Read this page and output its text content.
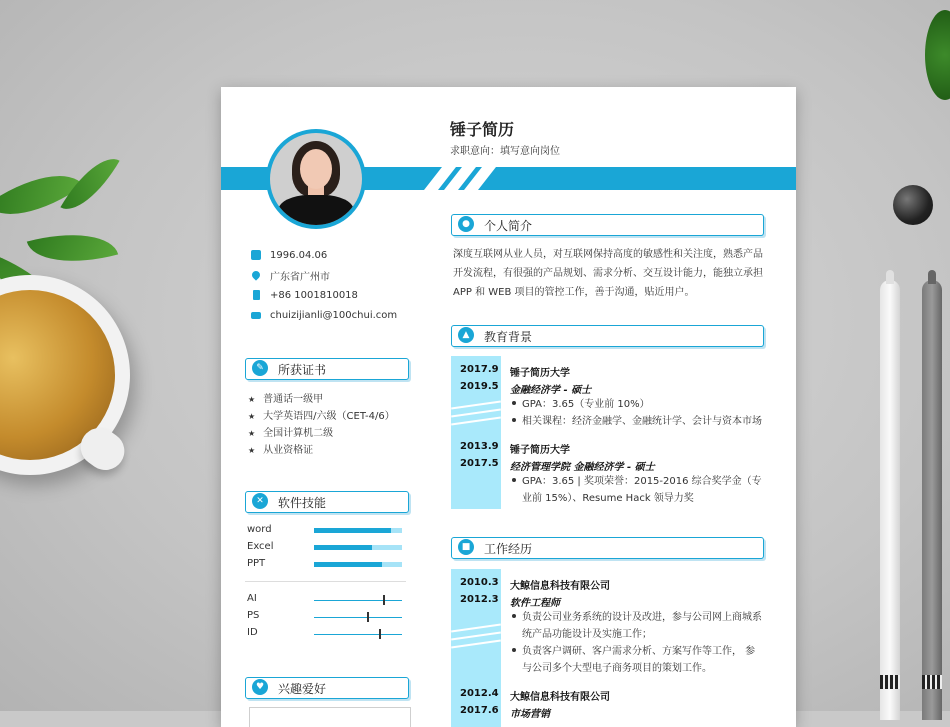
锤子简历
求职意向：填写意向岗位
1996.04.06
广东省广州市
+86 1001810018
chuizijianli@100chui.com
✎	所获证书
★ 普通话一级甲
★ 大学英语四/六级（CET-4/6）
★ 全国计算机二级
★ 从业资格证
✕	软件技能
word
Excel
PPT
AI
PS
ID
♥	兴趣爱好
●	个人简介

深度互联网从业人员，对互联网保持高度的敏感性和关注度，熟悉产品开发流程，有很强的产品规划、需求分析、交互设计能力，能独立承担 APP 和 WEB 项目的管控工作，善于沟通，贴近用户。

▲	教育背景
2017.9
2019.5
锤子简历大学
金融经济学 - 硕士
GPA：3.65（专业前 10%）
相关课程：经济金融学、金融统计学、会计与资本市场
2013.9
2017.5
锤子简历大学
经济管理学院 金融经济学 - 硕士
GPA：3.65 | 奖项荣誉：2015-2016 综合奖学金（专
业前 15%）、Resume Hack 领导力奖
■	工作经历
2010.3
2012.3
大鲸信息科技有限公司
软件工程师
负责公司业务系统的设计及改进，参与公司网上商城系
统产品功能设计及实施工作；
负责客户调研、客户需求分析、方案写作等工作， 参
与公司多个大型电子商务项目的策划工作。
2012.4
2017.6
大鲸信息科技有限公司
市场营销
